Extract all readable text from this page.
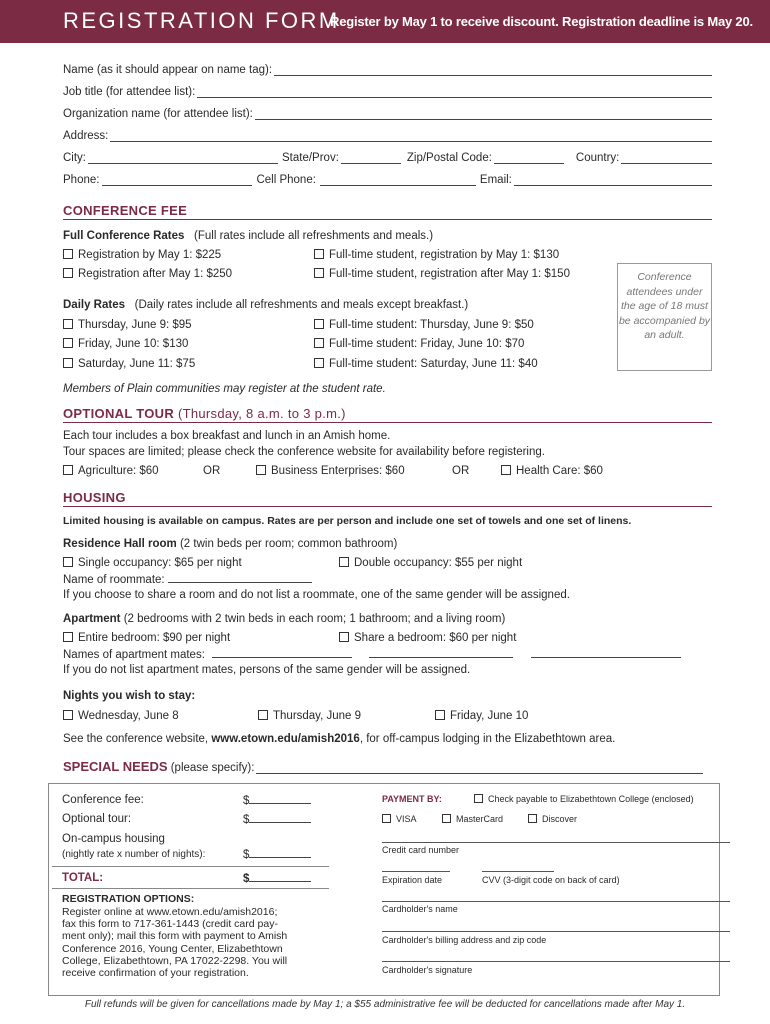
REGISTRATION FORM
Register by May 1 to receive discount. Registration deadline is May 20.
Name (as it should appear on name tag):
Job title (for attendee list):
Organization name (for attendee list):
Address:
City:	State/Prov:	Zip/Postal Code:	Country:
Phone:	Cell Phone:	Email:
CONFERENCE FEE
Full Conference Rates (Full rates include all refreshments and meals.)
Registration by May 1: $225	Full-time student, registration by May 1: $130
Registration after May 1: $250	Full-time student, registration after May 1: $150
Daily Rates (Daily rates include all refreshments and meals except breakfast.)
Thursday, June 9: $95	Full-time student: Thursday, June 9: $50
Friday, June 10: $130	Full-time student: Friday, June 10: $70
Saturday, June 11: $75	Full-time student: Saturday, June 11: $40
Conference attendees under the age of 18 must be accompanied by an adult.
Members of Plain communities may register at the student rate.
OPTIONAL TOUR (Thursday, 8 a.m. to 3 p.m.)
Each tour includes a box breakfast and lunch in an Amish home.
Tour spaces are limited; please check the conference website for availability before registering.
Agriculture: $60	OR	Business Enterprises: $60	OR	Health Care: $60
HOUSING
Limited housing is available on campus. Rates are per person and include one set of towels and one set of linens.
Residence Hall room (2 twin beds per room; common bathroom)
Single occupancy: $65 per night	Double occupancy: $55 per night
Name of roommate:
If you choose to share a room and do not list a roommate, one of the same gender will be assigned.
Apartment (2 bedrooms with 2 twin beds in each room; 1 bathroom; and a living room)
Entire bedroom: $90 per night	Share a bedroom: $60 per night
Names of apartment mates:
If you do not list apartment mates, persons of the same gender will be assigned.
Nights you wish to stay:
Wednesday, June 8	Thursday, June 9	Friday, June 10
See the conference website, www.etown.edu/amish2016, for off-campus lodging in the Elizabethtown area.
SPECIAL NEEDS
(please specify):
Conference fee:	$
Optional tour:	$
On-campus housing
(nightly rate x number of nights):	$
TOTAL:	$
REGISTRATION OPTIONS:
Register online at www.etown.edu/amish2016;
fax this form to 717-361-1443 (credit card pay-
ment only); mail this form with payment to Amish
Conference 2016, Young Center, Elizabethtown
College, Elizabethtown, PA 17022-2298. You will
receive confirmation of your registration.
PAYMENT BY:	Check payable to Elizabethtown College (enclosed)
VISA	MasterCard	Discover
Credit card number
Expiration date	CVV (3-digit code on back of card)
Cardholder's name
Cardholder's billing address and zip code
Cardholder's signature
Full refunds will be given for cancellations made by May 1; a $55 administrative fee will be deducted for cancellations made after May 1.
